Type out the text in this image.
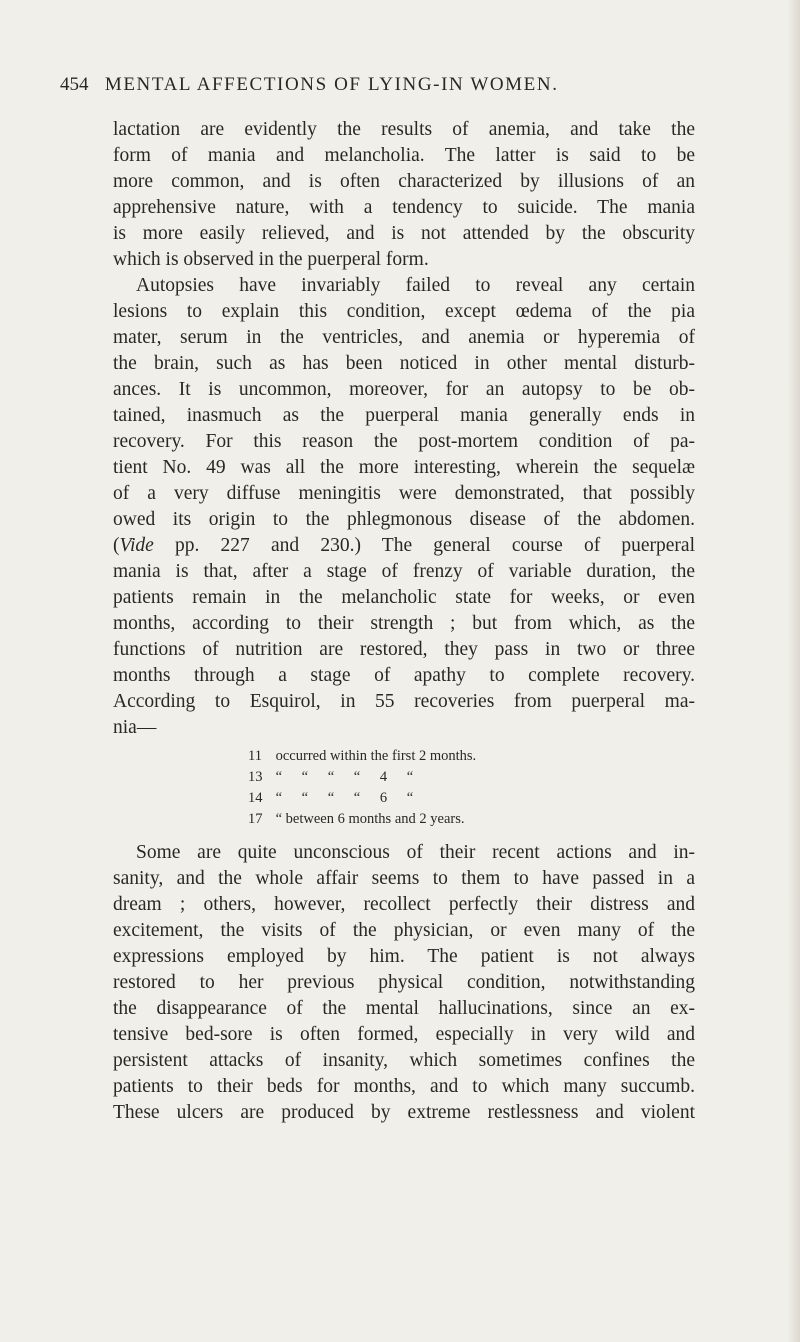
454 MENTAL AFFECTIONS OF LYING-IN WOMEN.
lactation are evidently the results of anemia, and take the
form of mania and melancholia. The latter is said to be
more common, and is often characterized by illusions of an
apprehensive nature, with a tendency to suicide. The mania
is more easily relieved, and is not attended by the obscurity
which is observed in the puerperal form.
Autopsies have invariably failed to reveal any certain
lesions to explain this condition, except œdema of the pia
mater, serum in the ventricles, and anemia or hyperemia of
the brain, such as has been noticed in other mental disturb-
ances. It is uncommon, moreover, for an autopsy to be ob-
tained, inasmuch as the puerperal mania generally ends in
recovery. For this reason the post-mortem condition of pa-
tient No. 49 was all the more interesting, wherein the sequelæ
of a very diffuse meningitis were demonstrated, that possibly
owed its origin to the phlegmonous disease of the abdomen.
(Vide pp. 227 and 230.) The general course of puerperal
mania is that, after a stage of frenzy of variable duration, the
patients remain in the melancholic state for weeks, or even
months, according to their strength ; but from which, as the
functions of nutrition are restored, they pass in two or three
months through a stage of apathy to complete recovery.
According to Esquirol, in 55 recoveries from puerperal ma-
nia—
11 occurred within the first 2 months.
13 “ “ “ “ 4 “
14 “ “ “ “ 6 “
17 “ between 6 months and 2 years.
Some are quite unconscious of their recent actions and in-
sanity, and the whole affair seems to them to have passed in a
dream ; others, however, recollect perfectly their distress and
excitement, the visits of the physician, or even many of the
expressions employed by him. The patient is not always
restored to her previous physical condition, notwithstanding
the disappearance of the mental hallucinations, since an ex-
tensive bed-sore is often formed, especially in very wild and
persistent attacks of insanity, which sometimes confines the
patients to their beds for months, and to which many succumb.
These ulcers are produced by extreme restlessness and violent
